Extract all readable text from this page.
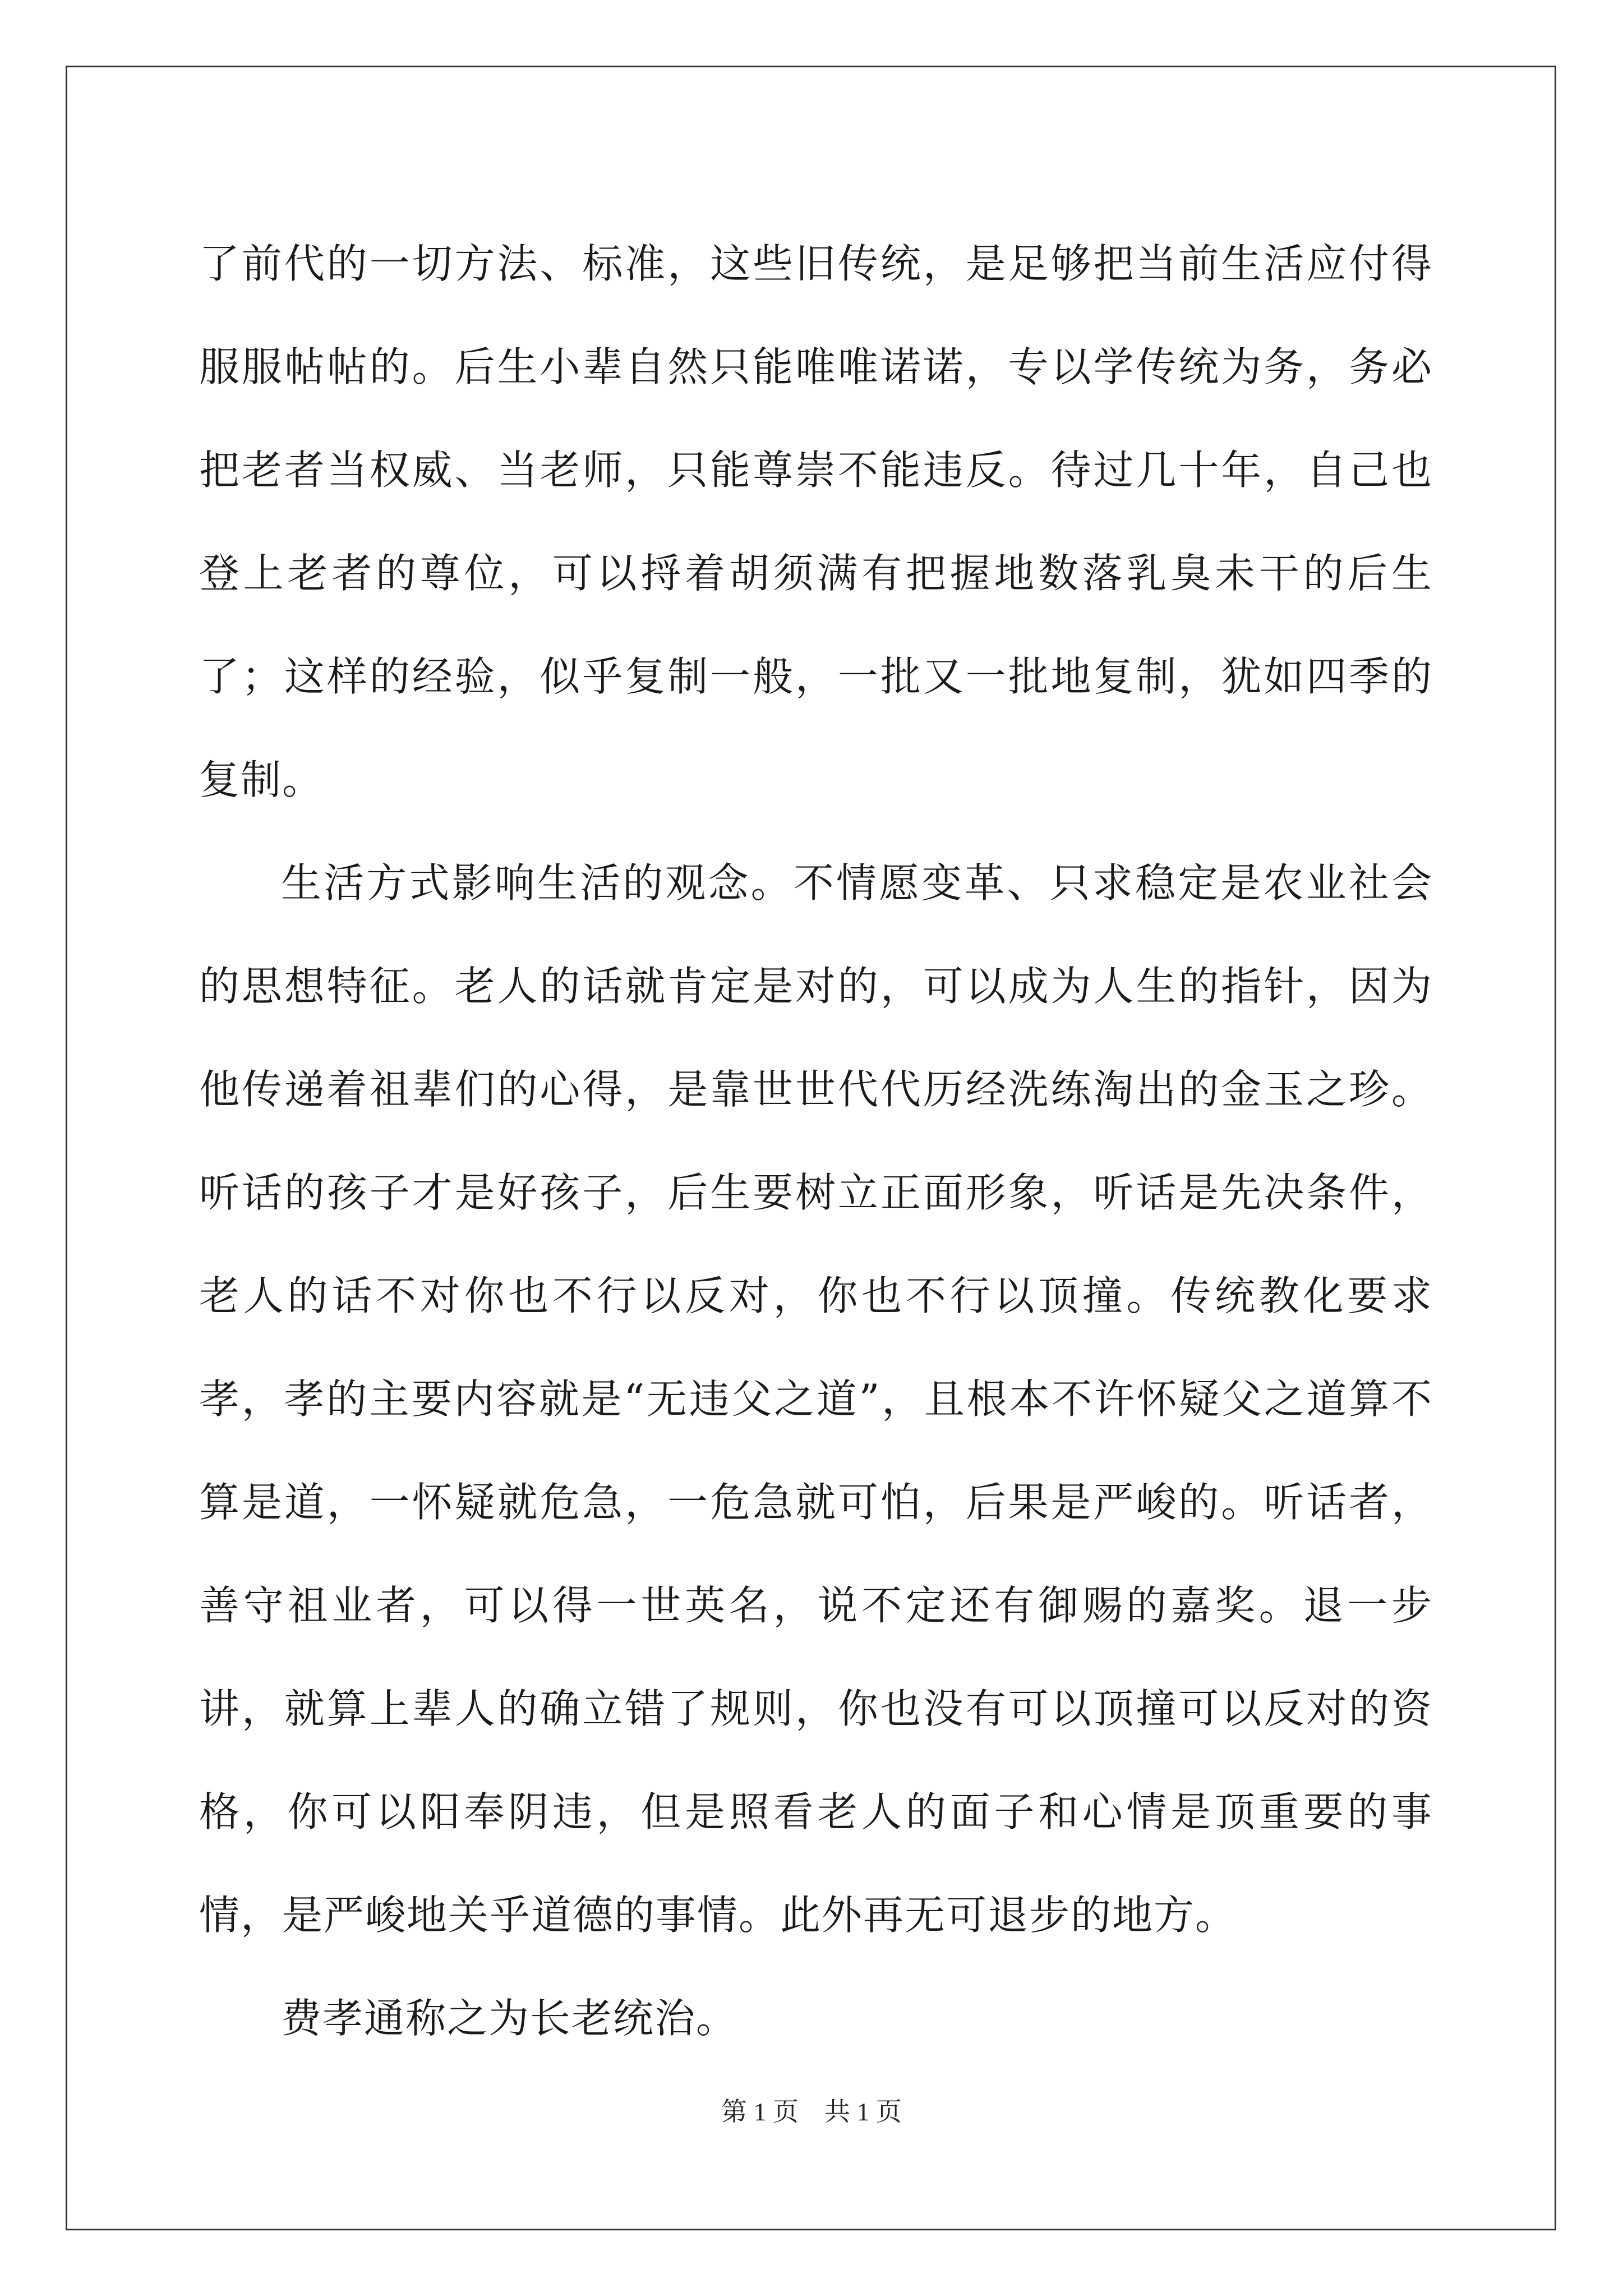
了前代的一切方法、标准，这些旧传统，是足够把当前生活应付得服服帖帖的。后生小辈自然只能唯唯诺诺，专以学传统为务，务必把老者当权威、当老师，只能尊崇不能违反。待过几十年，自己也登上老者的尊位，可以捋着胡须满有把握地数落乳臭未干的后生了；这样的经验，似乎复制一般，一批又一批地复制，犹如四季的复制。

生活方式影响生活的观念。不情愿变革、只求稳定是农业社会的思想特征。老人的话就肯定是对的，可以成为人生的指针，因为他传递着祖辈们的心得，是靠世世代代历经洗练淘出的金玉之珍。听话的孩子才是好孩子，后生要树立正面形象，听话是先决条件，老人的话不对你也不行以反对，你也不行以顶撞。传统教化要求孝，孝的主要内容就是“无违父之道”，且根本不许怀疑父之道算不算是道，一怀疑就危急，一危急就可怕，后果是严峻的。听话者，善守祖业者，可以得一世英名，说不定还有御赐的嘉奖。退一步讲，就算上辈人的确立错了规则，你也没有可以顶撞可以反对的资格，你可以阳奉阴违，但是照看老人的面子和心情是顶重要的事情，是严峻地关乎道德的事情。此外再无可退步的地方。

费孝通称之为长老统治。

第 1 页    共 1 页
